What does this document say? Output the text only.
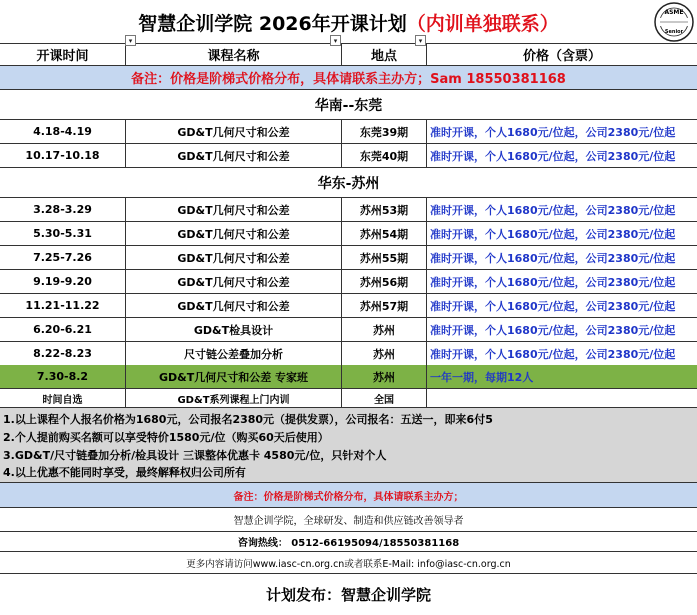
智慧企训学院 2026年开课计划 （内训单独联系）	ASME
Senior
开课时间	课程名称	地点	价格（含票）
▾	▾	▾
备注：价格是阶梯式价格分布，具体请联系主办方；Sam 18550381168
华南--东莞
4.18-4.19	GD&T几何尺寸和公差	东莞39期	准时开课，个人1680元/位起，公司2380元/位起
10.17-10.18	GD&T几何尺寸和公差	东莞40期	准时开课，个人1680元/位起，公司2380元/位起
华东-苏州
3.28-3.29	GD&T几何尺寸和公差	苏州53期	准时开课，个人1680元/位起，公司2380元/位起
5.30-5.31	GD&T几何尺寸和公差	苏州54期	准时开课，个人1680元/位起，公司2380元/位起
7.25-7.26	GD&T几何尺寸和公差	苏州55期	准时开课，个人1680元/位起，公司2380元/位起
9.19-9.20	GD&T几何尺寸和公差	苏州56期	准时开课，个人1680元/位起，公司2380元/位起
11.21-11.22	GD&T几何尺寸和公差	苏州57期	准时开课，个人1680元/位起，公司2380元/位起
6.20-6.21	GD&T检具设计	苏州	准时开课，个人1680元/位起，公司2380元/位起
8.22-8.23	尺寸链公差叠加分析	苏州	准时开课，个人1680元/位起，公司2380元/位起
7.30-8.2	GD&T几何尺寸和公差 专家班	苏州	一年一期，每期12人
时间自选	GD&T系列课程上门内训	全国
1.以上课程个人报名价格为1680元，公司报名2380元（提供发票），公司报名：五送一，即来6付5
2.个人提前购买名额可以享受特价1580元/位（购买60天后使用）
3.GD&T/尺寸链叠加分析/检具设计 三课整体优惠卡 4580元/位，只针对个人
4.以上优惠不能同时享受，最终解释权归公司所有
备注：价格是阶梯式价格分布，具体请联系主办方；
智慧企训学院，全球研发、制造和供应链改善领导者
咨询热线： 0512-66195094/18550381168
更多内容请访问www.iasc-cn.org.cn或者联系E-Mail: info@iasc-cn.org.cn
计划发布：智慧企训学院
